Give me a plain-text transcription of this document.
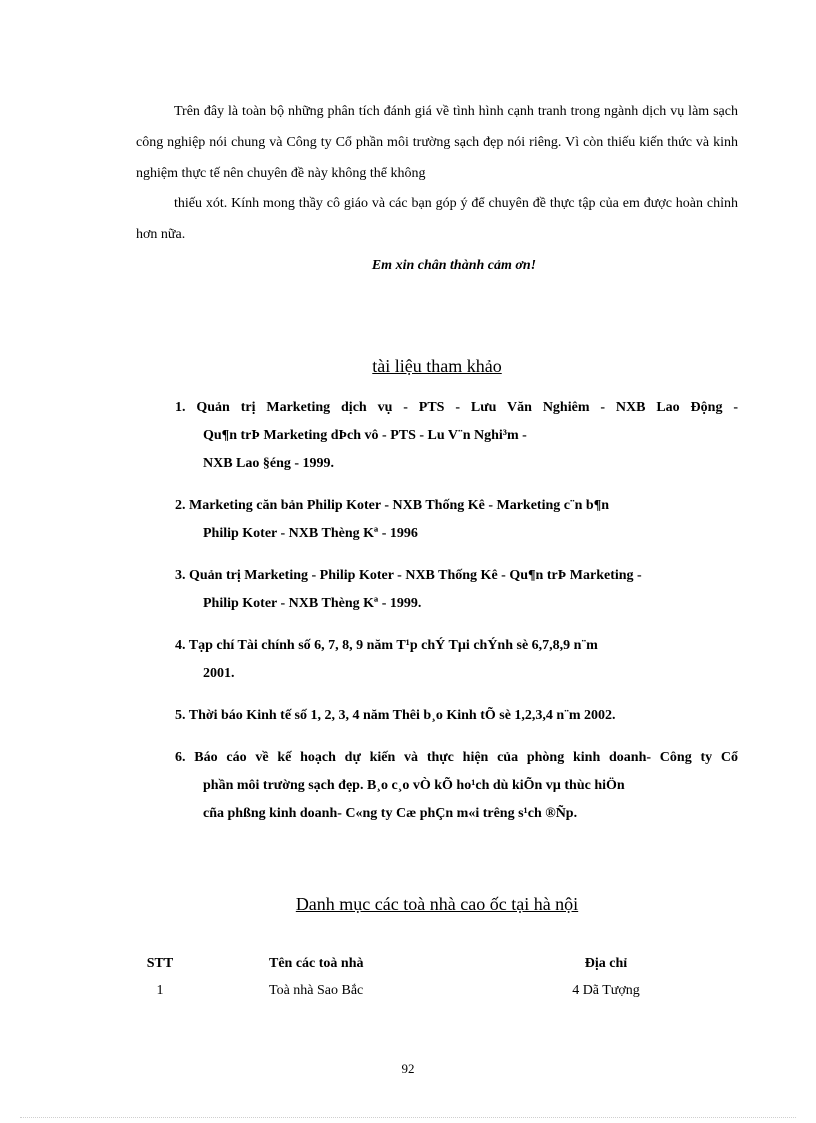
Trên đây là toàn bộ những phân tích đánh giá về tình hình cạnh tranh trong ngành dịch vụ làm sạch công nghiệp nói chung và Công ty Cổ phần môi trường sạch đẹp nói riêng. Vì còn thiếu kiến thức và kinh nghiệm thực tế nên chuyên đề này không thể không

thiếu xót. Kính mong thầy cô giáo và các bạn góp ý để chuyên đề thực tập của em được hoàn chỉnh hơn nữa.

Em xin chân thành cảm ơn!
tài liệu tham khảo
1. Quản trị Marketing dịch vụ - PTS - Lưu Văn Nghiêm - NXB Lao Động -
Qu¶n trÞ Marketing dÞch vô - PTS - Lu V¨n Nghi³m -
NXB Lao §éng - 1999.
2. Marketing căn bản Philip Koter - NXB Thống Kê - Marketing c¨n b¶n
Philip Koter - NXB Thèng Kª - 1996
3. Quản trị Marketing - Philip Koter - NXB Thống Kê - Qu¶n trÞ Marketing -
Philip Koter - NXB Thèng Kª - 1999.
4. Tạp chí Tài chính số 6, 7, 8, 9 năm T¹p chÝ Tµi chÝnh sè 6,7,8,9 n¨m
2001.
5. Thời báo Kinh tế số 1, 2, 3, 4 năm Thêi b¸o Kinh tÕ sè 1,2,3,4 n¨m 2002.
6. Báo cáo về kế hoạch dự kiến và thực hiện của phòng kinh doanh- Công ty Cổ
phần môi trường sạch đẹp. B¸o c¸o vÒ kÕ ho¹ch dù kiÕn vµ thùc hiÖn
cña phßng kinh doanh- C«ng ty Cæ phÇn m«i trêng s¹ch ®Ñp.
Danh mục các toà nhà cao ốc tại hà nội
STT	Tên các toà nhà	Địa chỉ
1	Toà nhà Sao Bắc	4 Dã Tượng
92
